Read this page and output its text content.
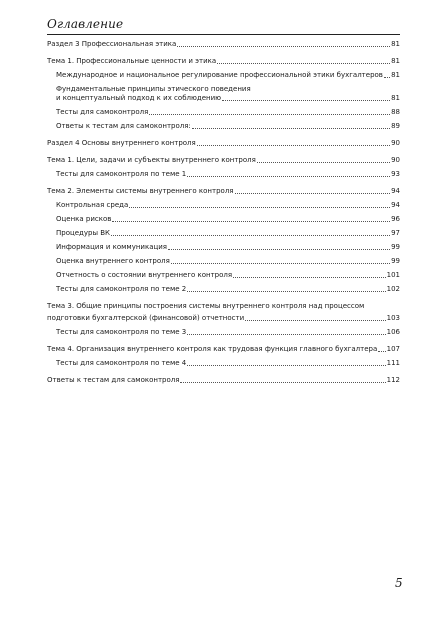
Оглавление
Раздел 3 Профессиональная этика	81
Тема 1. Профессиональные ценности и этика	81
Международное и национальное регулирование профессиональной этики бухгалтеров 81
Фундаментальные принципы этического поведения
и концептуальный подход к их соблюдению	81
Тесты для самоконтроля	88
Ответы к тестам для самоконтроля:	89
Раздел 4 Основы внутреннего контроля	90
Тема 1. Цели, задачи и субъекты внутреннего контроля	90
Тесты для самоконтроля по теме 1	93
Тема 2. Элементы системы внутреннего контроля	94
Контрольная среда	94
Оценка рисков	96
Процедуры ВК	97
Информация и коммуникация	99
Оценка внутреннего контроля	99
Отчетность о состоянии внутреннего контроля	101
Тесты для самоконтроля по теме 2	102
Тема 3. Общие принципы построения системы внутреннего контроля над процессом
подготовки бухгалтерской (финансовой) отчетности	103
Тесты для самоконтроля по теме 3	106
Тема 4. Организация внутреннего контроля как трудовая функция главного бухгалтера 107
Тесты для самоконтроля по теме 4	111
Ответы к тестам для самоконтроля	112
5
